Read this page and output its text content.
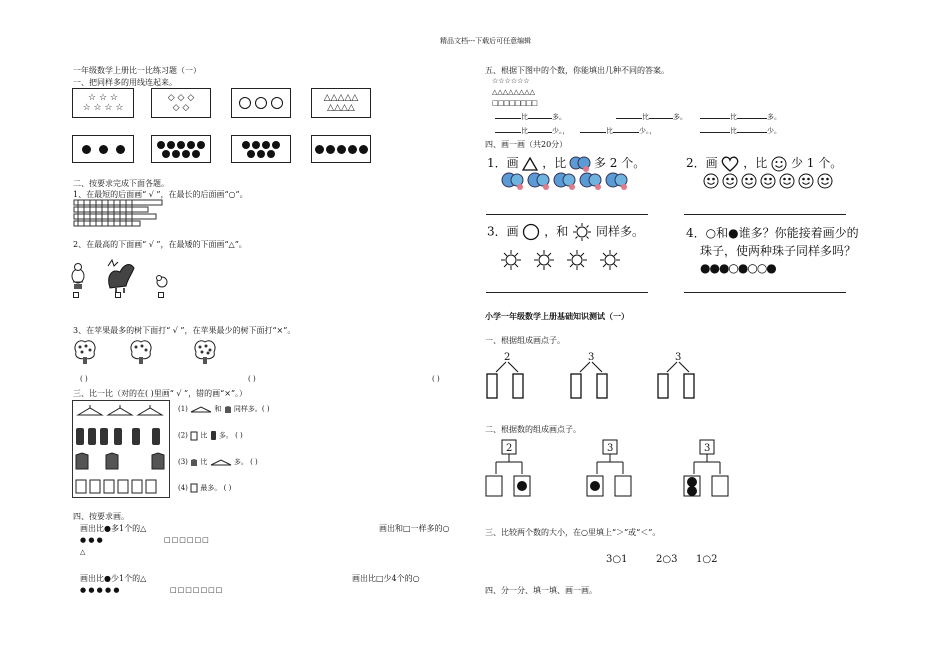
精品文档---下载后可任意编辑
一年级数学上册比一比练习题（一）
一、把同样多的用线连起来。
☆ ☆ ☆
☆ ☆ ☆ ☆
◇ ◇ ◇
◇ ◇
△△△△△
△△△△
二、按要求完成下面各题。
1、在最短的后面画“ √ ”，在最长的后面画“○”。
2、在最高的下面画“ √ ”，在最矮的下面画“△”。
3、在苹果最多的树下面打“ √ ”，在苹果最少的树下面打“×”。
( )	( )	( )
三、比一比（对的在( )里画“ √ ”，错的画“×”。）
(1)	和 同样多。( )
(2) 比 多。 ( )
(3) 比	多。 ( )
(4) 最多。 ( )
四、按要求画。
画出比●多1个的△	画出和□一样多的○
● ● ●	□□□□□□
△
画出比●少1个的△	画出比□少4个的○
● ● ● ● ●	□□□□□□□
五、根据下图中的个数，你能填出几种不同的答案。
☆☆☆☆☆☆
△△△△△△△△
□□□□□□□□
比	多。	比	多。	比	多。
比	少。，	比	少。，	比	少。
四、画一画（共20分）
1．画 ，比 多 2 个。	2．画 ，比 少 1 个。
3．画 ，和 同样多。	4．○和●谁多？你能接着画少的
珠子，使两种珠子同样多吗？
●●●○●○○●
小学一年级数学上册基础知识测试（一）
一、根据组成画点子。
2	3	3
二、根据数的组成画点子。
2	3	3
三、比较两个数的大小，在○里填上“＞”或“＜”。
3○1	2○3 1○2
四、分一分、填一填、画一画。
